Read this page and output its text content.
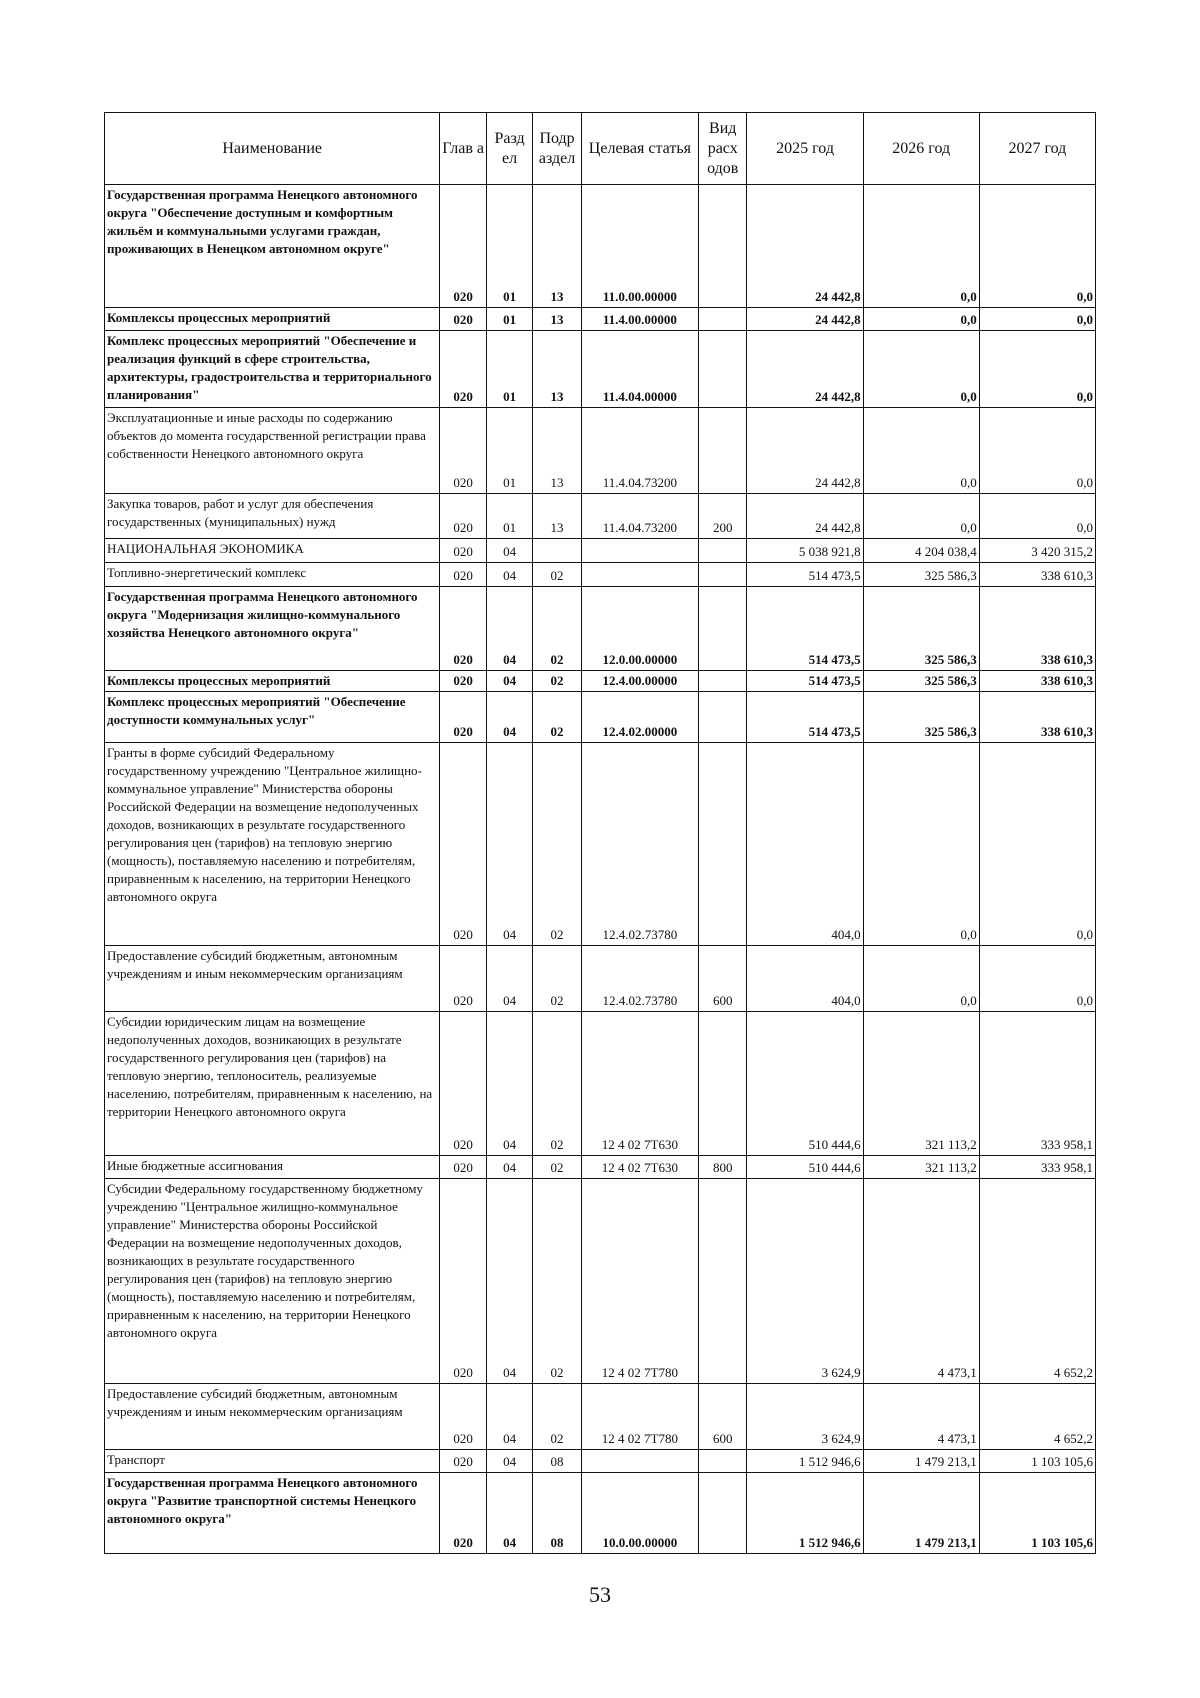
Наименование	Глав а	Разд ел	Подр аздел	Целевая статья	Вид расх одов	2025 год	2026 год	2027 год
Государственная программа Ненецкого автономного округа "Обеспечение доступным и комфортным жильём и коммунальными услугами граждан, проживающих в Ненецком автономном округе"	020	01	13	11.0.00.00000		24 442,8	0,0	0,0
Комплексы процессных мероприятий	020	01	13	11.4.00.00000		24 442,8	0,0	0,0
Комплекс процессных мероприятий "Обеспечение и реализация функций в сфере строительства, архитектуры, градостроительства и территориального планирования"	020	01	13	11.4.04.00000		24 442,8	0,0	0,0
Эксплуатационные и иные расходы по содержанию объектов до момента государственной регистрации права собственности Ненецкого автономного округа	020	01	13	11.4.04.73200		24 442,8	0,0	0,0
Закупка товаров, работ и услуг для обеспечения государственных (муниципальных) нужд	020	01	13	11.4.04.73200	200	24 442,8	0,0	0,0
НАЦИОНАЛЬНАЯ ЭКОНОМИКА	020	04				5 038 921,8	4 204 038,4	3 420 315,2
Топливно-энергетический комплекс	020	04	02			514 473,5	325 586,3	338 610,3
Государственная программа Ненецкого автономного округа "Модернизация жилищно-коммунального хозяйства Ненецкого автономного округа"	020	04	02	12.0.00.00000		514 473,5	325 586,3	338 610,3
Комплексы процессных мероприятий	020	04	02	12.4.00.00000		514 473,5	325 586,3	338 610,3
Комплекс процессных мероприятий "Обеспечение доступности коммунальных услуг"	020	04	02	12.4.02.00000		514 473,5	325 586,3	338 610,3
Гранты в форме субсидий Федеральному государственному учреждению "Центральное жилищно-коммунальное управление" Министерства обороны Российской Федерации на возмещение недополученных доходов, возникающих в результате государственного регулирования цен (тарифов) на тепловую энергию (мощность), поставляемую населению и потребителям, приравненным к населению, на территории Ненецкого автономного округа	020	04	02	12.4.02.73780		404,0	0,0	0,0
Предоставление субсидий бюджетным, автономным учреждениям и иным некоммерческим организациям	020	04	02	12.4.02.73780	600	404,0	0,0	0,0
Субсидии юридическим лицам на возмещение недополученных доходов, возникающих в результате государственного регулирования цен (тарифов) на тепловую энергию, теплоноситель, реализуемые населению, потребителям, приравненным к населению, на территории Ненецкого автономного округа	020	04	02	12 4 02 7Т630		510 444,6	321 113,2	333 958,1
Иные бюджетные ассигнования	020	04	02	12 4 02 7Т630	800	510 444,6	321 113,2	333 958,1
Субсидии Федеральному государственному бюджетному учреждению "Центральное жилищно-коммунальное управление" Министерства обороны Российской Федерации на возмещение недополученных доходов, возникающих в результате государственного регулирования цен (тарифов) на тепловую энергию (мощность), поставляемую населению и потребителям, приравненным к населению, на территории Ненецкого автономного округа	020	04	02	12 4 02 7Т780		3 624,9	4 473,1	4 652,2
Предоставление субсидий бюджетным, автономным учреждениям и иным некоммерческим организациям	020	04	02	12 4 02 7Т780	600	3 624,9	4 473,1	4 652,2
Транспорт	020	04	08			1 512 946,6	1 479 213,1	1 103 105,6
Государственная программа Ненецкого автономного округа "Развитие транспортной системы Ненецкого автономного округа"	020	04	08	10.0.00.00000		1 512 946,6	1 479 213,1	1 103 105,6
53
